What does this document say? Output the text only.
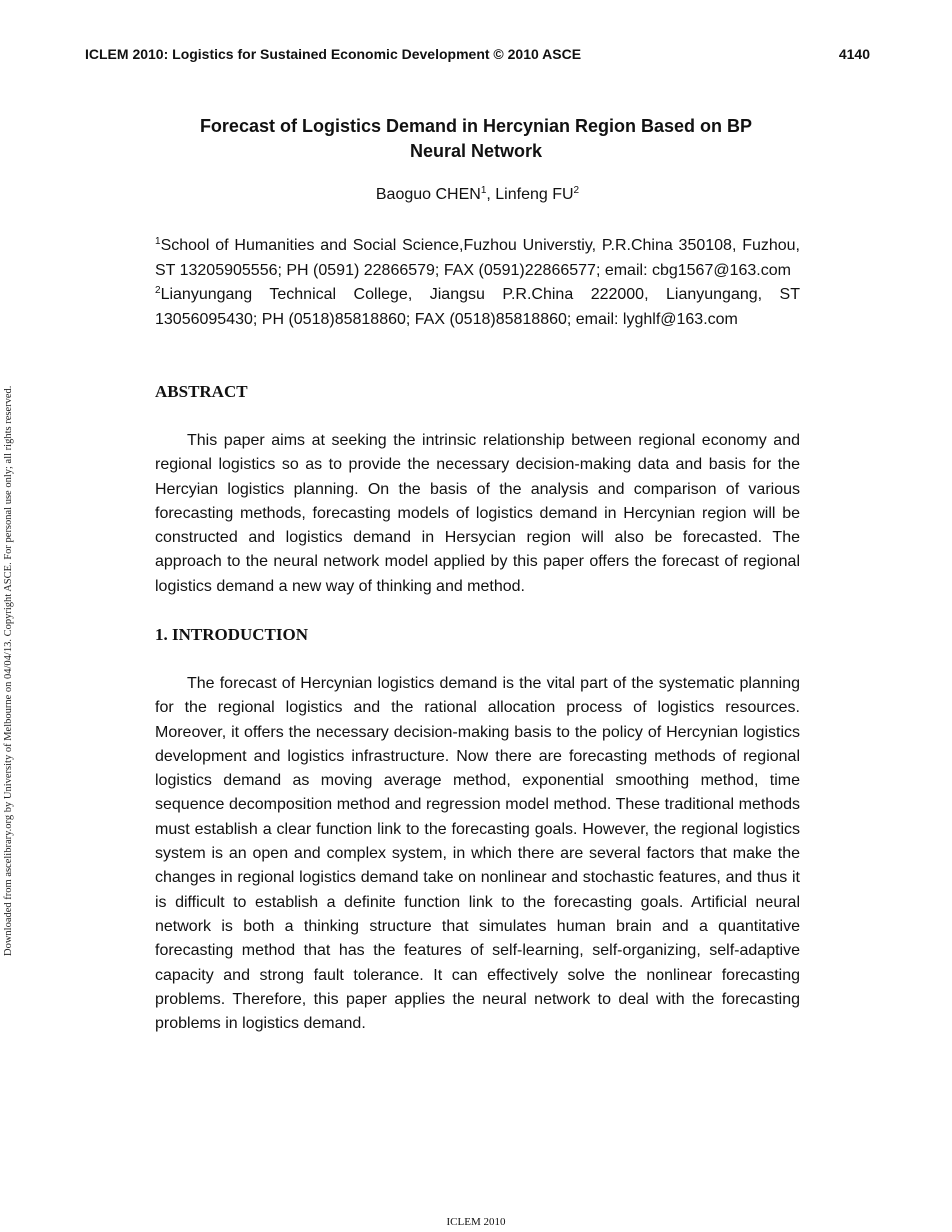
ICLEM 2010: Logistics for Sustained Economic Development © 2010 ASCE	4140
Downloaded from ascelibrary.org by University of Melbourne on 04/04/13. Copyright ASCE. For personal use only; all rights reserved.
Forecast of Logistics Demand in Hercynian Region Based on BP
Neural Network
Baoguo CHEN$^1$, Linfeng $FU^2$

$^1$School of Humanities and Social Science,Fuzhou Universtiy, P.R.China 350108, Fuzhou, ST 13205905556; PH (0591) 22866579; FAX (0591)22866577; email: cbg1567@163.com

$^2$Lianyungang Technical College, Jiangsu P.R.China 222000, Lianyungang, ST 13056095430; PH (0518)85818860; FAX (0518)85818860; email: lyghlf@163.com

ABSTRACT

This paper aims at seeking the intrinsic relationship between regional economy and regional logistics so as to provide the necessary decision-making data and basis for the Hercyian logistics planning. On the basis of the analysis and comparison of various forecasting methods, forecasting models of logistics demand in Hercynian region will be constructed and logistics demand in Hersycian region will also be forecasted. The approach to the neural network model applied by this paper offers the forecast of regional logistics demand a new way of thinking and method.

1. INTRODUCTION

The forecast of Hercynian logistics demand is the vital part of the systematic planning for the regional logistics and the rational allocation process of logistics resources. Moreover, it offers the necessary decision-making basis to the policy of Hercynian logistics development and logistics infrastructure. Now there are forecasting methods of regional logistics demand as moving average method, exponential smoothing method, time sequence decomposition method and regression model method. These traditional methods must establish a clear function link to the forecasting goals. However, the regional logistics system is an open and complex system, in which there are several factors that make the changes in regional logistics demand take on nonlinear and stochastic features, and thus it is difficult to establish a definite function link to the forecasting goals. Artificial neural network is both a thinking structure that simulates human brain and a quantitative forecasting method that has the features of self-learning, self-organizing, self-adaptive capacity and strong fault tolerance. It can effectively solve the nonlinear forecasting problems. Therefore, this paper applies the neural network to deal with the forecasting problems in logistics demand.

ICLEM 2010
